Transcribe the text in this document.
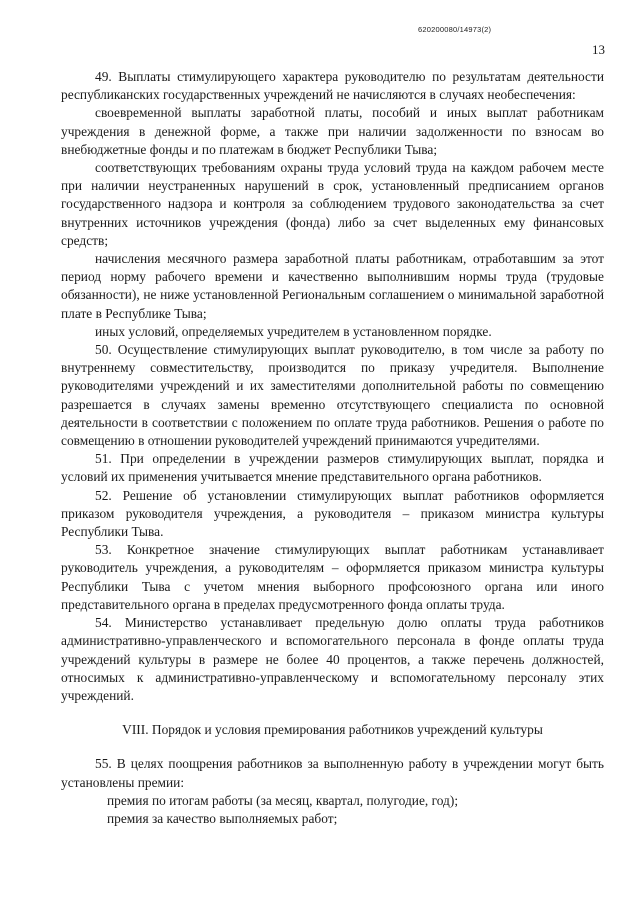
620200080/14973(2)
13

49. Выплаты стимулирующего характера руководителю по результатам деятельности республиканских государственных учреждений не начисляются в случаях необеспечения:

своевременной выплаты заработной платы, пособий и иных выплат работникам учреждения в денежной форме, а также при наличии задолженности по взносам во внебюджетные фонды и по платежам в бюджет Республики Тыва;

соответствующих требованиям охраны труда условий труда на каждом рабочем месте при наличии неустраненных нарушений в срок, установленный предписанием органов государственного надзора и контроля за соблюдением трудового законодательства за счет внутренних источников учреждения (фонда) либо за счет выделенных ему финансовых средств;

начисления месячного размера заработной платы работникам, отработавшим за этот период норму рабочего времени и качественно выполнившим нормы труда (трудовые обязанности), не ниже установленной Региональным соглашением о минимальной заработной плате в Республике Тыва;

иных условий, определяемых учредителем в установленном порядке.

50. Осуществление стимулирующих выплат руководителю, в том числе за работу по внутреннему совместительству, производится по приказу учредителя. Выполнение руководителями учреждений и их заместителями дополнительной работы по совмещению разрешается в случаях замены временно отсутствующего специалиста по основной деятельности в соответствии с положением по оплате труда работников. Решения о работе по совмещению в отношении руководителей учреждений принимаются учредителями.

51. При определении в учреждении размеров стимулирующих выплат, порядка и условий их применения учитывается мнение представительного органа работников.

52. Решение об установлении стимулирующих выплат работников оформляется приказом руководителя учреждения, а руководителя – приказом министра культуры Республики Тыва.

53. Конкретное значение стимулирующих выплат работникам устанавливает руководитель учреждения, а руководителям – оформляется приказом министра культуры Республики Тыва с учетом мнения выборного профсоюзного органа или иного представительного органа в пределах предусмотренного фонда оплаты труда.

54. Министерство устанавливает предельную долю оплаты труда работников административно-управленческого и вспомогательного персонала в фонде оплаты труда учреждений культуры в размере не более 40 процентов, а также перечень должностей, относимых к административно-управленческому и вспомогательному персоналу этих учреждений.

VIII. Порядок и условия премирования работников учреждений культуры

55. В целях поощрения работников за выполненную работу в учреждении могут быть установлены премии:

премия по итогам работы (за месяц, квартал, полугодие, год);

премия за качество выполняемых работ;
